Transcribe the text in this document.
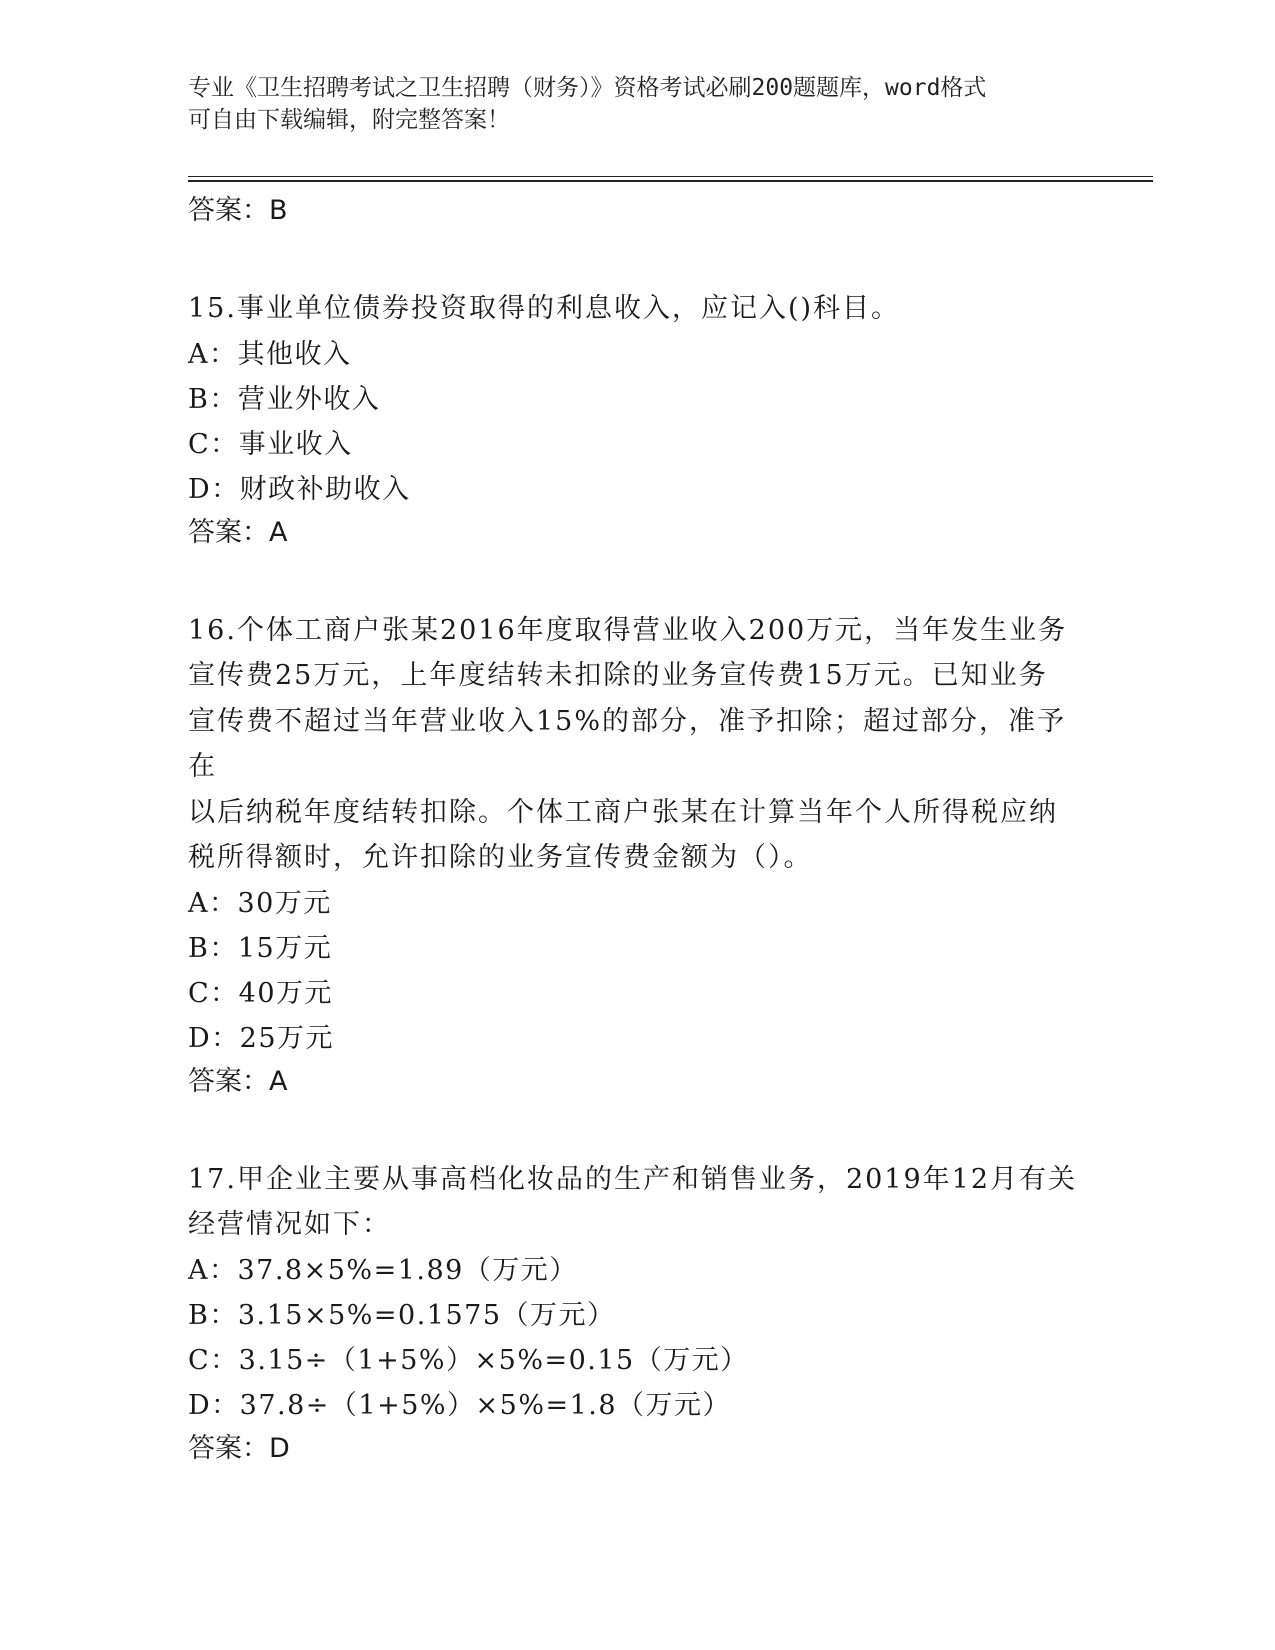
专业《卫生招聘考试之卫生招聘（财务）》资格考试必刷200题题库，word格式
可自由下载编辑，附完整答案！
答案：B
15.事业单位债券投资取得的利息收入，应记入()科目。
A：其他收入
B：营业外收入
C：事业收入
D：财政补助收入
答案：A
16.个体工商户张某2016年度取得营业收入200万元，当年发生业务
宣传费25万元，上年度结转未扣除的业务宣传费15万元。已知业务
宣传费不超过当年营业收入15%的部分，准予扣除；超过部分，准予在
以后纳税年度结转扣除。个体工商户张某在计算当年个人所得税应纳
税所得额时，允许扣除的业务宣传费金额为（）。
A：30万元
B：15万元
C：40万元
D：25万元
答案：A
17.甲企业主要从事高档化妆品的生产和销售业务，2019年12月有关
经营情况如下：
A：37.8×5%=1.89（万元）
B：3.15×5%=0.1575（万元）
C：3.15÷（1+5%）×5%=0.15（万元）
D：37.8÷（1+5%）×5%=1.8（万元）
答案：D
